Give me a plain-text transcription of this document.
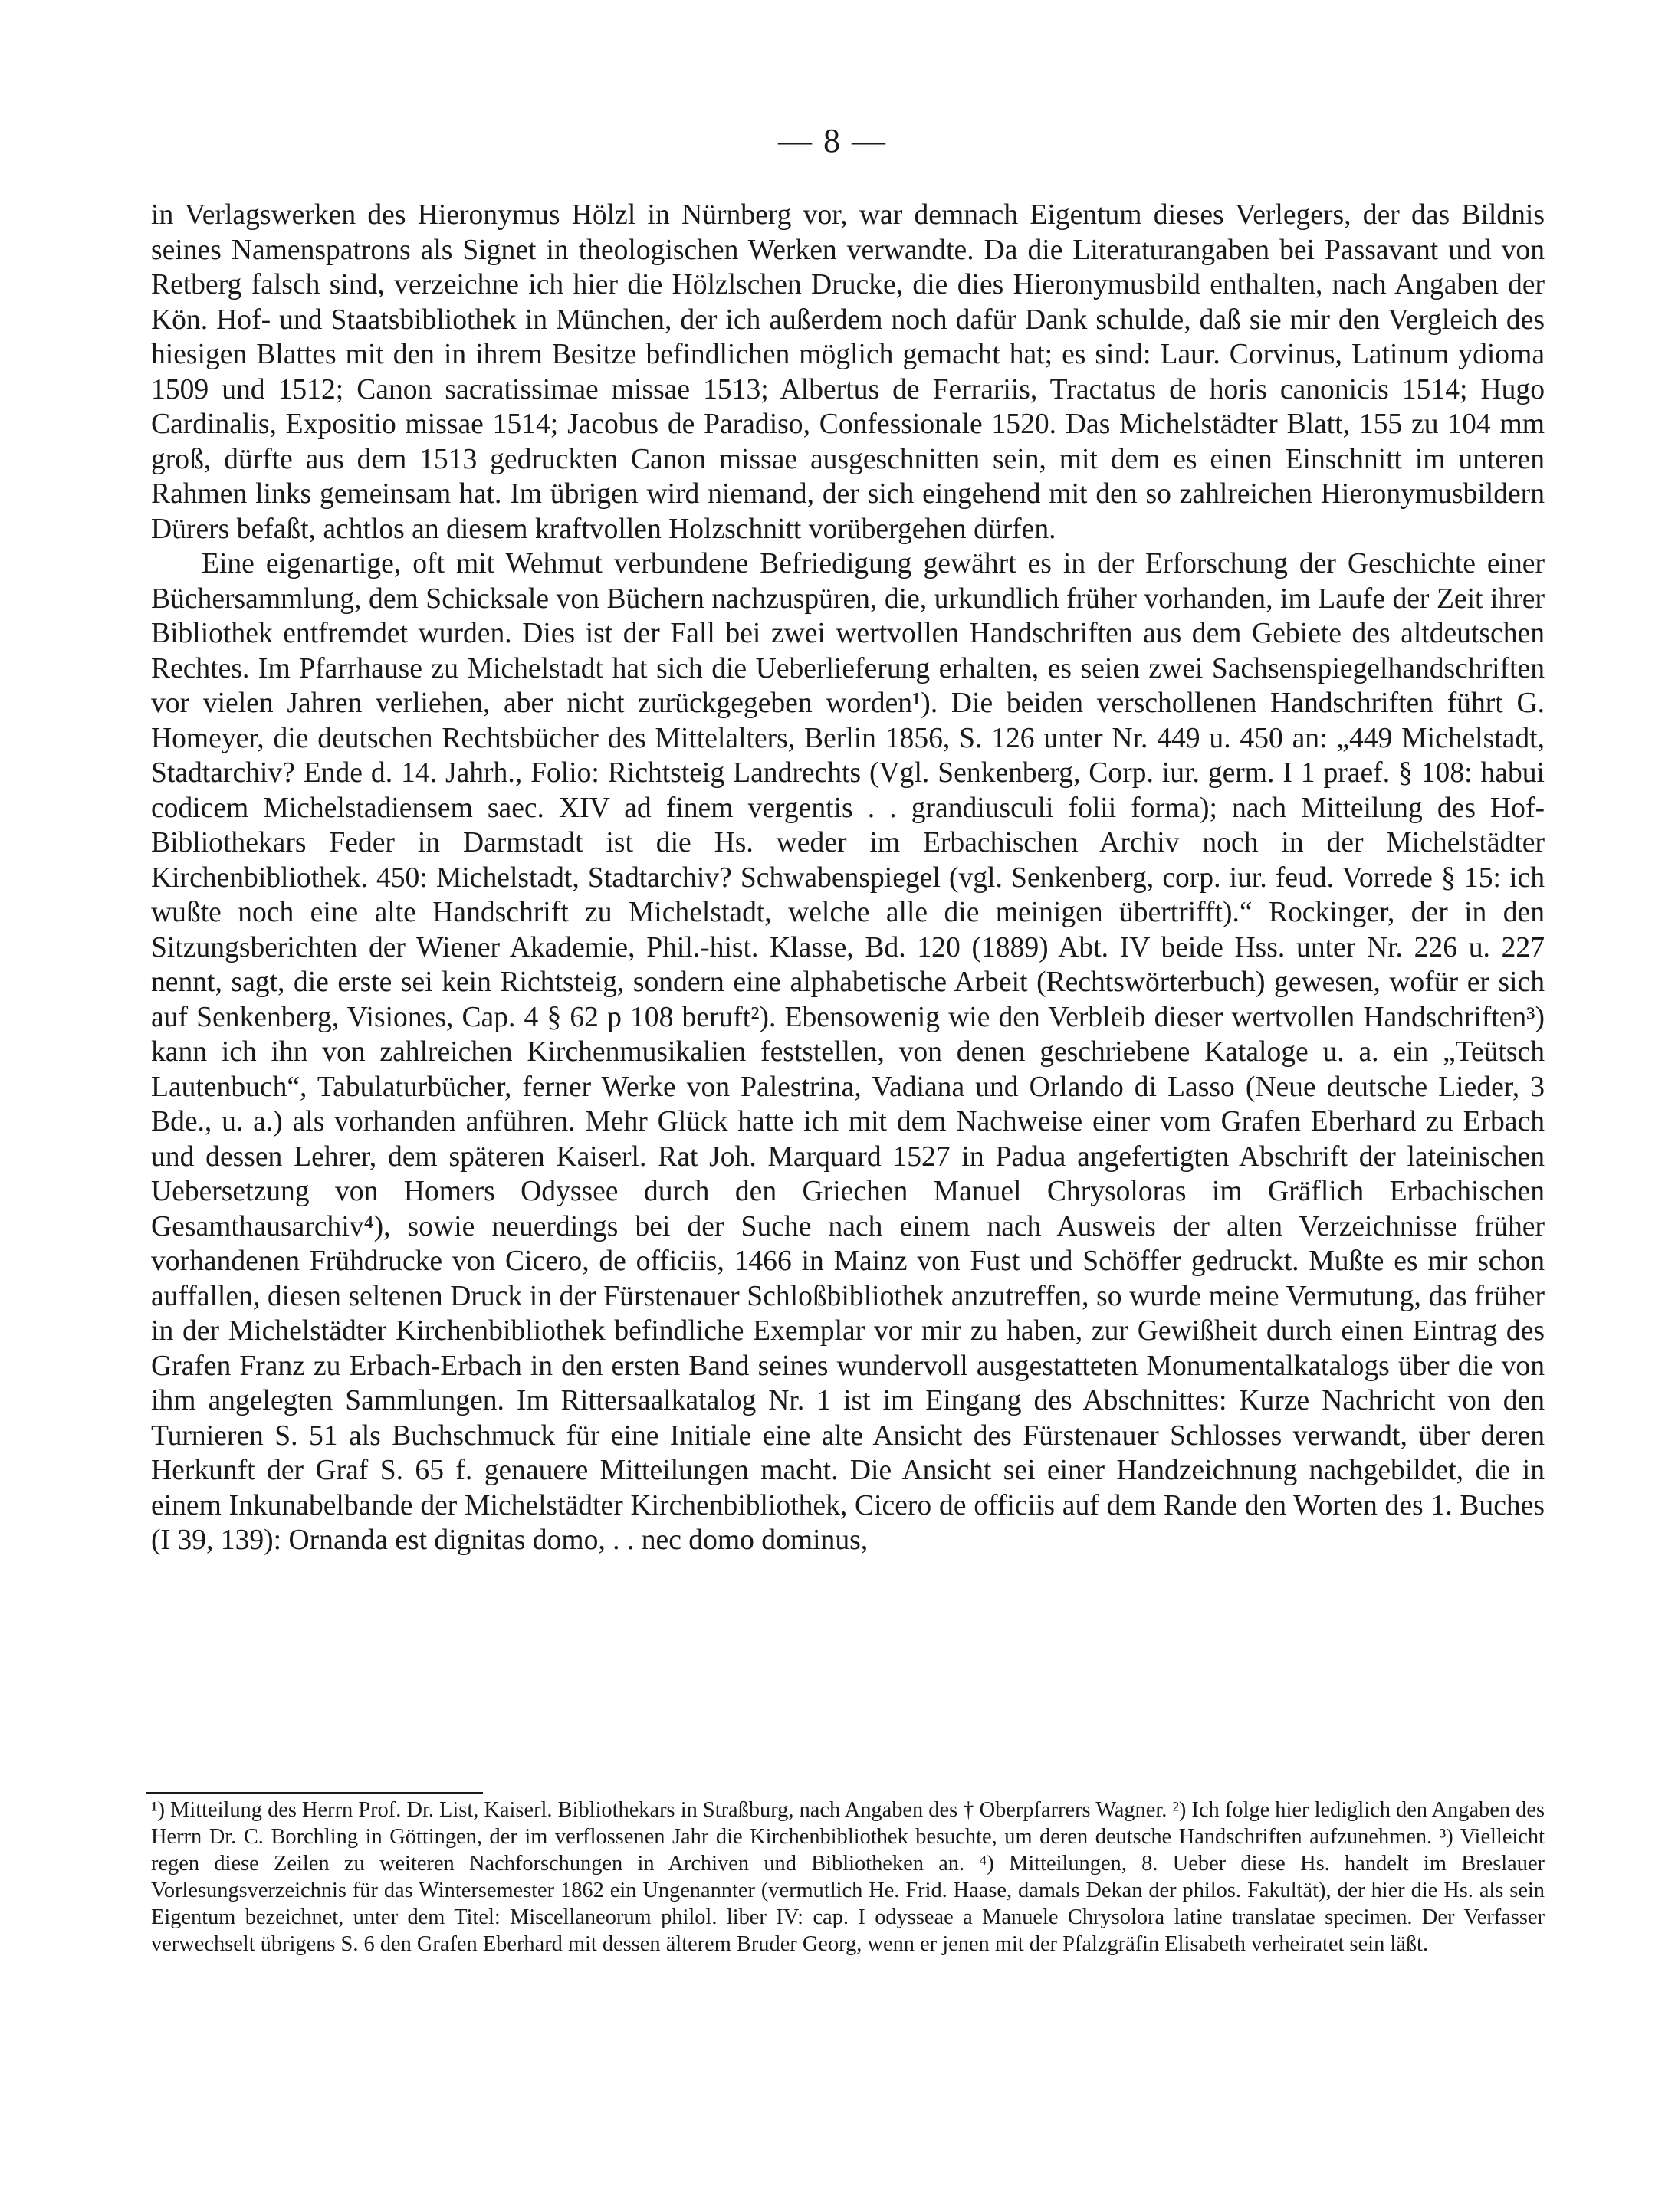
— 8 —

in Verlagswerken des Hieronymus Hölzl in Nürnberg vor, war demnach Eigentum dieses Verlegers, der das Bildnis seines Namenspatrons als Signet in theologischen Werken verwandte. Da die Literaturangaben bei Passavant und von Retberg falsch sind, verzeichne ich hier die Hölzlschen Drucke, die dies Hieronymusbild enthalten, nach Angaben der Kön. Hof- und Staatsbibliothek in München, der ich außerdem noch dafür Dank schulde, daß sie mir den Vergleich des hiesigen Blattes mit den in ihrem Besitze befindlichen möglich gemacht hat; es sind: Laur. Corvinus, Latinum ydioma 1509 und 1512; Canon sacratissimae missae 1513; Albertus de Ferrariis, Tractatus de horis canonicis 1514; Hugo Cardinalis, Expositio missae 1514; Jacobus de Paradiso, Confessionale 1520. Das Michelstädter Blatt, 155 zu 104 mm groß, dürfte aus dem 1513 gedruckten Canon missae ausgeschnitten sein, mit dem es einen Einschnitt im unteren Rahmen links gemeinsam hat. Im übrigen wird niemand, der sich eingehend mit den so zahlreichen Hieronymusbildern Dürers befaßt, achtlos an diesem kraftvollen Holzschnitt vorübergehen dürfen.

Eine eigenartige, oft mit Wehmut verbundene Befriedigung gewährt es in der Erforschung der Geschichte einer Büchersammlung, dem Schicksale von Büchern nachzuspüren, die, urkundlich früher vorhanden, im Laufe der Zeit ihrer Bibliothek entfremdet wurden. Dies ist der Fall bei zwei wertvollen Handschriften aus dem Gebiete des altdeutschen Rechtes. Im Pfarrhause zu Michelstadt hat sich die Ueberlieferung erhalten, es seien zwei Sachsenspiegelhandschriften vor vielen Jahren verliehen, aber nicht zurückgegeben worden¹). Die beiden verschollenen Handschriften führt G. Homeyer, die deutschen Rechtsbücher des Mittelalters, Berlin 1856, S. 126 unter Nr. 449 u. 450 an: „449 Michelstadt, Stadtarchiv? Ende d. 14. Jahrh., Folio: Richtsteig Landrechts (Vgl. Senkenberg, Corp. iur. germ. I 1 praef. § 108: habui codicem Michelstadiensem saec. XIV ad finem vergentis . . grandiusculi folii forma); nach Mitteilung des Hof-Bibliothekars Feder in Darmstadt ist die Hs. weder im Erbachischen Archiv noch in der Michelstädter Kirchenbibliothek. 450: Michelstadt, Stadtarchiv? Schwabenspiegel (vgl. Senkenberg, corp. iur. feud. Vorrede § 15: ich wußte noch eine alte Handschrift zu Michelstadt, welche alle die meinigen übertrifft).“ Rockinger, der in den Sitzungsberichten der Wiener Akademie, Phil.-hist. Klasse, Bd. 120 (1889) Abt. IV beide Hss. unter Nr. 226 u. 227 nennt, sagt, die erste sei kein Richtsteig, sondern eine alphabetische Arbeit (Rechtswörterbuch) gewesen, wofür er sich auf Senkenberg, Visiones, Cap. 4 § 62 p 108 beruft²). Ebensowenig wie den Verbleib dieser wertvollen Handschriften³) kann ich ihn von zahlreichen Kirchenmusikalien feststellen, von denen geschriebene Kataloge u. a. ein „Teütsch Lautenbuch“, Tabulaturbücher, ferner Werke von Palestrina, Vadiana und Orlando di Lasso (Neue deutsche Lieder, 3 Bde., u. a.) als vorhanden anführen. Mehr Glück hatte ich mit dem Nachweise einer vom Grafen Eberhard zu Erbach und dessen Lehrer, dem späteren Kaiserl. Rat Joh. Marquard 1527 in Padua angefertigten Abschrift der lateinischen Uebersetzung von Homers Odyssee durch den Griechen Manuel Chrysoloras im Gräflich Erbachischen Gesamthausarchiv⁴), sowie neuerdings bei der Suche nach einem nach Ausweis der alten Verzeichnisse früher vorhandenen Frühdrucke von Cicero, de officiis, 1466 in Mainz von Fust und Schöffer gedruckt. Mußte es mir schon auffallen, diesen seltenen Druck in der Fürstenauer Schloßbibliothek anzutreffen, so wurde meine Vermutung, das früher in der Michelstädter Kirchenbibliothek befindliche Exemplar vor mir zu haben, zur Gewißheit durch einen Eintrag des Grafen Franz zu Erbach-Erbach in den ersten Band seines wundervoll ausgestatteten Monumentalkatalogs über die von ihm angelegten Sammlungen. Im Rittersaalkatalog Nr. 1 ist im Eingang des Abschnittes: Kurze Nachricht von den Turnieren S. 51 als Buchschmuck für eine Initiale eine alte Ansicht des Fürstenauer Schlosses verwandt, über deren Herkunft der Graf S. 65 f. genauere Mitteilungen macht. Die Ansicht sei einer Handzeichnung nachgebildet, die in einem Inkunabelbande der Michelstädter Kirchenbibliothek, Cicero de officiis auf dem Rande den Worten des 1. Buches (I 39, 139): Ornanda est dignitas domo, . . nec domo dominus,

¹) Mitteilung des Herrn Prof. Dr. List, Kaiserl. Bibliothekars in Straßburg, nach Angaben des † Oberpfarrers Wagner. ²) Ich folge hier lediglich den Angaben des Herrn Dr. C. Borchling in Göttingen, der im verflossenen Jahr die Kirchenbibliothek besuchte, um deren deutsche Handschriften aufzunehmen. ³) Vielleicht regen diese Zeilen zu weiteren Nachforschungen in Archiven und Bibliotheken an. ⁴) Mitteilungen, 8. Ueber diese Hs. handelt im Breslauer Vorlesungsverzeichnis für das Wintersemester 1862 ein Ungenannter (vermutlich He. Frid. Haase, damals Dekan der philos. Fakultät), der hier die Hs. als sein Eigentum bezeichnet, unter dem Titel: Miscellaneorum philol. liber IV: cap. I odysseae a Manuele Chrysolora latine translatae specimen. Der Verfasser verwechselt übrigens S. 6 den Grafen Eberhard mit dessen älterem Bruder Georg, wenn er jenen mit der Pfalzgräfin Elisabeth verheiratet sein läßt.
